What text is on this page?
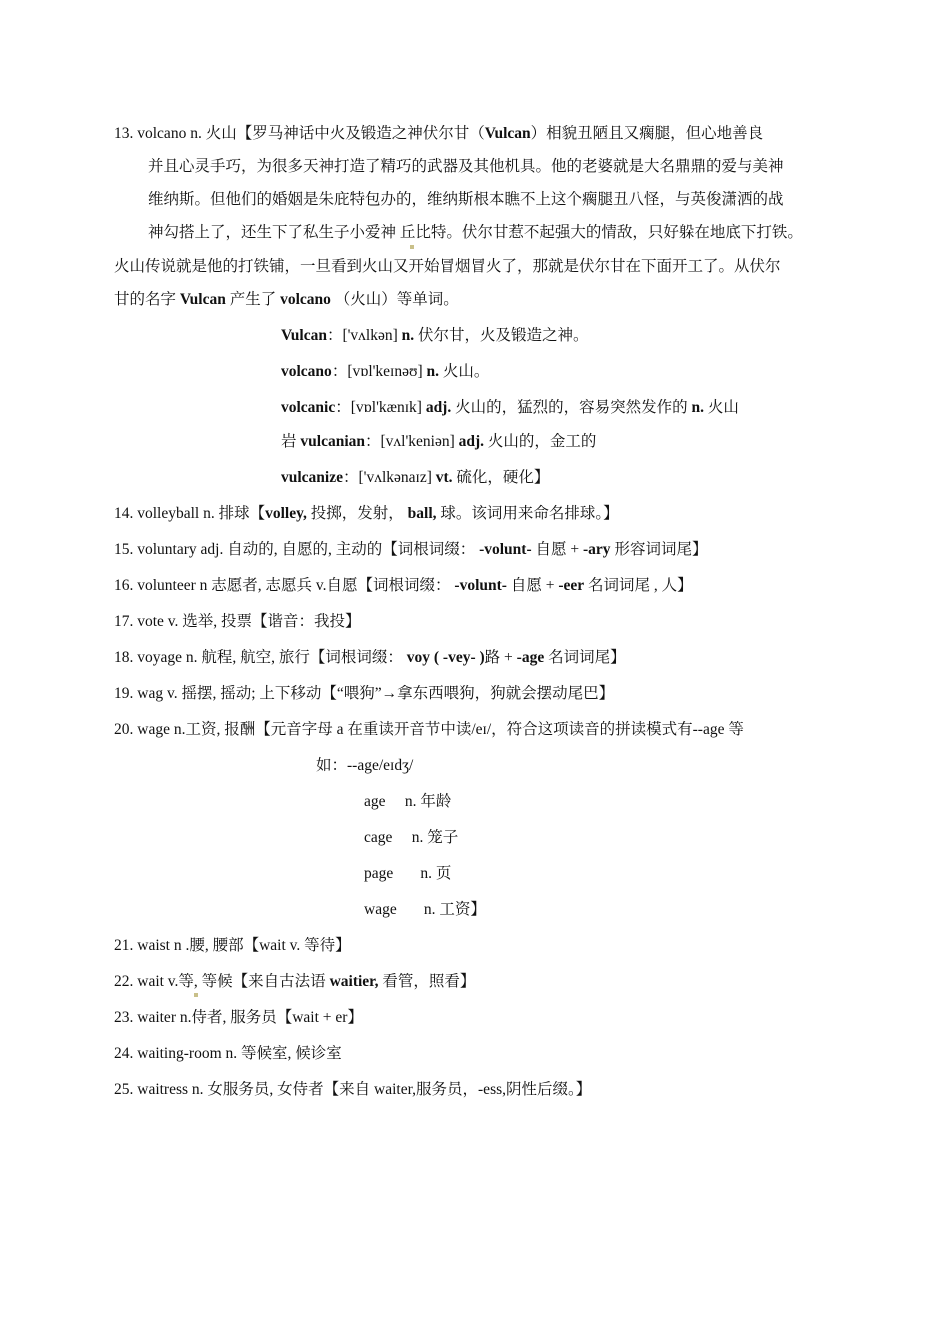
13. volcano n. 火山【罗马神话中火及锻造之神伏尔甘（Vulcan）相貌丑陋且又瘸腿，但心地善良
并且心灵手巧，为很多天神打造了精巧的武器及其他机具。他的老婆就是大名鼎鼎的爱与美神
维纳斯。但他们的婚姻是朱庇特包办的，维纳斯根本瞧不上这个瘸腿丑八怪，与英俊潇洒的战
神勾搭上了，还生下了私生子小爱神 丘比特。伏尔甘惹不起强大的情敌，只好躲在地底下打铁。
火山传说就是他的打铁铺，一旦看到火山又开始冒烟冒火了，那就是伏尔甘在下面开工了。从伏尔
甘的名字 Vulcan 产生了 volcano （火山）等单词。
Vulcan：['vʌlkən] n. 伏尔甘，火及锻造之神。
volcano：[vɒl'keɪnəʊ] n. 火山。
volcanic：[vɒl'kænɪk] adj. 火山的，猛烈的，容易突然发作的 n. 火山
岩 vulcanian：[vʌl'keniən] adj. 火山的，金工的
vulcanize：['vʌlkənaɪz] vt. 硫化，硬化】
14. volleyball n. 排球【volley, 投掷，发射， ball, 球。该词用来命名排球。】
15. voluntary adj. 自动的, 自愿的, 主动的【词根词缀： -volunt- 自愿 + -ary 形容词词尾】
16. volunteer n 志愿者, 志愿兵 v.自愿【词根词缀： -volunt- 自愿 + -eer 名词词尾 , 人】
17. vote v. 选举, 投票【谐音：我投】
18. voyage n. 航程, 航空, 旅行【词根词缀： voy ( -vey- )路 + -age 名词词尾】
19. wag v. 摇摆, 摇动; 上下移动【“喂狗”→拿东西喂狗，狗就会摆动尾巴】
20. wage n.工资, 报酬【元音字母 a 在重读开音节中读/eɪ/，符合这项读音的拼读模式有--age 等
如：--age/eɪdʒ/
age n. 年龄
cage n. 笼子
page n. 页
wage n. 工资】
21. waist n .腰, 腰部【wait v. 等待】
22. wait v.等, 等候【来自古法语 waitier, 看管，照看】
23. waiter n.侍者, 服务员【wait + er】
24. waiting-room n. 等候室, 候诊室
25. waitress n. 女服务员, 女侍者【来自 waiter,服务员，-ess,阴性后缀。】
